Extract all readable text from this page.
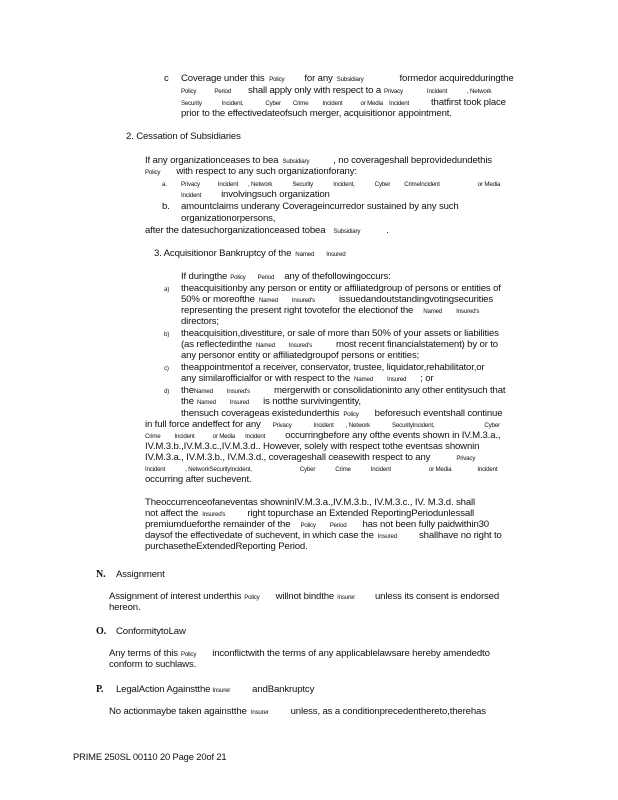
c Coverage under this Policy for any Subsidiary	formedor acquiredduringthe
Policy	Period shall apply only with respect to a Privacy	Incident	, Network
Security	Incident,	Cyber Crime Incident	or Media Incident thatfirst took place
prior to the effectivedateofsuch merger, acquisitionor appointment.
2. Cessation of Subsidiaries
If any organizationceases to bea Subsidiary	, no coverageshall beprovidedundethis
Policy with respect to any such organizationforany:
a. Privacy	Incident , Network	Security	Incident,	Cyber CrimeIncident	or Media
Incident involvingsuch organization
b. amountclaims underany Coverageincurredor sustained by any such
organizationorpersons,
after the datesuchorganizationceased tobea Subsidiary	.
3. Acquisitionor Bankruptcy of the Named Insured
If duringthe Policy Period any of thefollowingoccurs:
a) theacquisitionby any person or entity or affiliatedgroup of persons or entities of
50% or moreofthe Named Insured's	issuedandoutstandingvotingsecurities
representing the present right tovotefor the electionof the Named Insured's
directors;
b) theacquisition,divestiture, or sale of more than 50% of your assets or liabilities
(as reflectedinthe Named Insured's	most recent financialstatement) by or to
any personor entity or affiliatedgroupof persons or entities;
c) theappointmentof a receiver, conservator, trustee, liquidator,rehabilitator,or
any similarofficialfor or with respect to the Named Insured ; or
d) theNamed Insured's	mergerwith or consolidationinto any other entitysuch that
the Named Insured is notthe survivingentity,
thensuch coverageas existedunderthis Policy beforesuch eventshall continue
in full force andeffect for any Privacy	Incident , Network	SecurityIncident,	Cyber
Crime Incident	or Media Incident occurringbefore any ofthe events shown in IV.M.3.a.,
IV.M.3.b.,IV.M.3.c.,IV.M.3.d.. However, solely with respect tothe eventsas shownin
IV.M.3.a., IV.M.3.b., IV.M.3.d., coverageshall ceasewith respect to any	Privacy
Incident	, NetworkSecurityIncident,	Cyber	Crime	Incident	or Media	Incident
occurring after suchevent.
Theoccurrenceofaneventas showninIV.M.3.a.,IV.M.3.b., IV.M.3.c., IV. M.3.d. shall
not affect the Insured's right topurchase an Extended ReportingPeriodunlessall
premiumdueforthe remainder of the Policy Period has not been fully paidwithin30
daysof the effectivedate of suchevent, in which case the Insured shallhave no right to
purchasetheExtendedReporting Period.
N. Assignment
Assignment of interest underthis Policy willnot bindthe Insurer unless its consent is endorsed
hereon.
O. ConformitytoLaw
Any terms of this Policy inconflictwith the terms of any applicablelawsare hereby amendedto
conform to suchlaws.
P. LegalAction Againstthe Insurer andBankruptcy
No actionmaybe taken againstthe Insurer unless, as a conditionprecedenthereto,therehas
PRIME 250SL 00110 20 Page 20of 21
